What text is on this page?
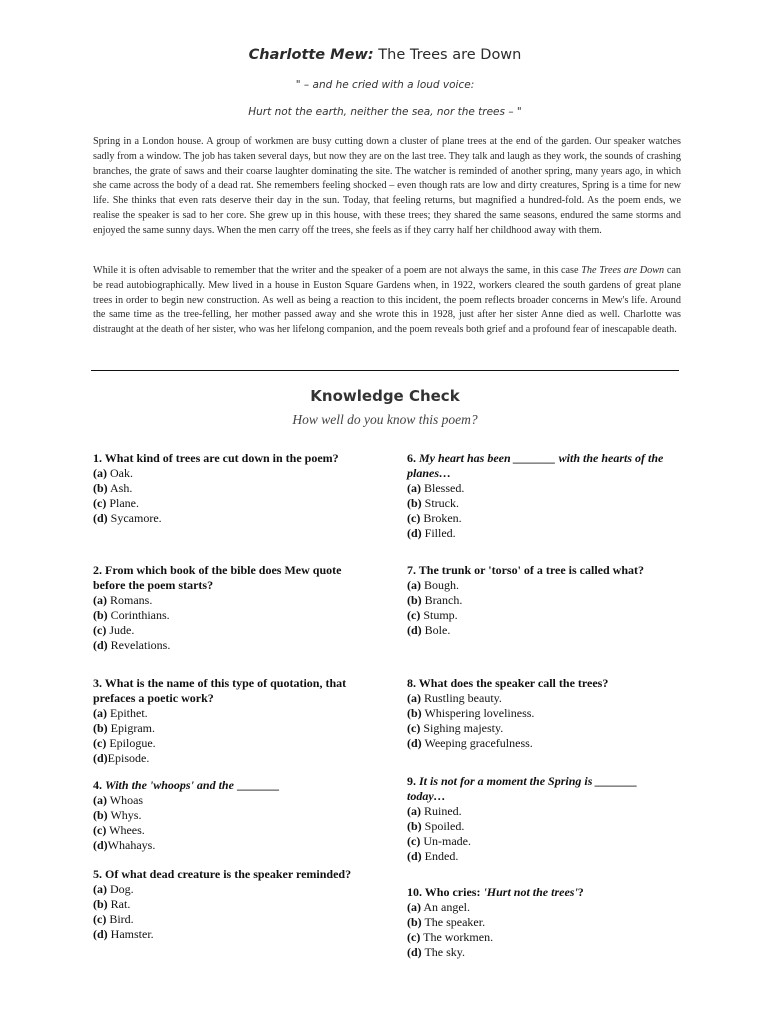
Charlotte Mew: The Trees are Down
" – and he cried with a loud voice:
Hurt not the earth, neither the sea, nor the trees – "

Spring in a London house. A group of workmen are busy cutting down a cluster of plane trees at the end of the garden. Our speaker watches sadly from a window. The job has taken several days, but now they are on the last tree. They talk and laugh as they work, the sounds of crashing branches, the grate of saws and their coarse laughter dominating the site. The watcher is reminded of another spring, many years ago, in which she came across the body of a dead rat. She remembers feeling shocked – even though rats are low and dirty creatures, Spring is a time for new life. She thinks that even rats deserve their day in the sun. Today, that feeling returns, but magnified a hundred-fold. As the poem ends, we realise the speaker is sad to her core. She grew up in this house, with these trees; they shared the same seasons, endured the same storms and enjoyed the same sunny days. When the men carry off the trees, she feels as if they carry half her childhood away with them.

While it is often advisable to remember that the writer and the speaker of a poem are not always the same, in this case The Trees are Down can be read autobiographically. Mew lived in a house in Euston Square Gardens when, in 1922, workers cleared the south gardens of great plane trees in order to begin new construction. As well as being a reaction to this incident, the poem reflects broader concerns in Mew's life. Around the same time as the tree-felling, her mother passed away and she wrote this in 1928, just after her sister Anne died as well. Charlotte was distraught at the death of her sister, who was her lifelong companion, and the poem reveals both grief and a profound fear of inescapable death.

Knowledge Check
How well do you know this poem?
1. What kind of trees are cut down in the poem?
(a) Oak.
(b) Ash.
(c) Plane.
(d) Sycamore.
2. From which book of the bible does Mew quote before the poem starts?
(a) Romans.
(b) Corinthians.
(c) Jude.
(d) Revelations.
3. What is the name of this type of quotation, that prefaces a poetic work?
(a) Epithet.
(b) Epigram.
(c) Epilogue.
(d)Episode.
4. With the 'whoops' and the _______
(a) Whoas
(b) Whys.
(c) Whees.
(d)Whahays.
5. Of what dead creature is the speaker reminded?
(a) Dog.
(b) Rat.
(c) Bird.
(d) Hamster.
6. My heart has been _______ with the hearts of the planes…
(a) Blessed.
(b) Struck.
(c) Broken.
(d) Filled.
7. The trunk or 'torso' of a tree is called what?
(a) Bough.
(b) Branch.
(c) Stump.
(d) Bole.
8. What does the speaker call the trees?
(a) Rustling beauty.
(b) Whispering loveliness.
(c) Sighing majesty.
(d) Weeping gracefulness.
9. It is not for a moment the Spring is _______ today…
(a) Ruined.
(b) Spoiled.
(c) Un-made.
(d) Ended.
10. Who cries: 'Hurt not the trees'?
(a) An angel.
(b) The speaker.
(c) The workmen.
(d) The sky.
